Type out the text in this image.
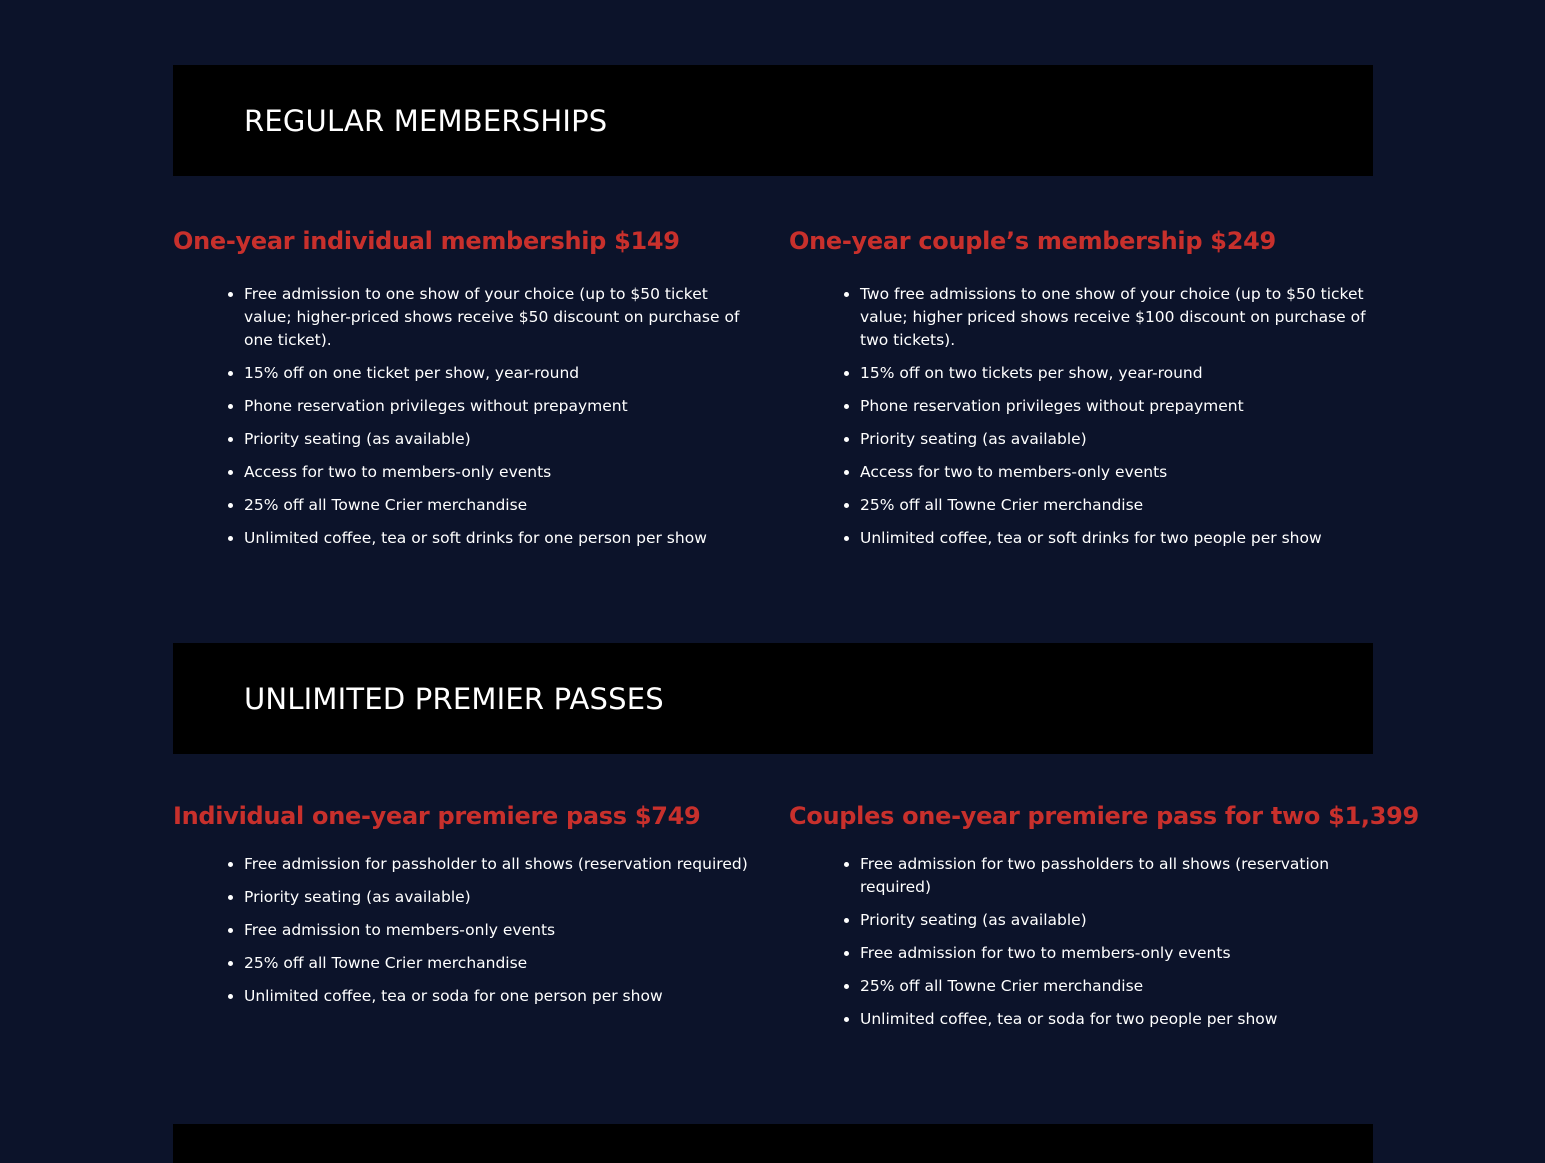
REGULAR MEMBERSHIPS
One-year individual membership $149
• Free admission to one show of your choice (up to $50 ticket value; higher-priced shows receive $50 discount on purchase of one ticket).
• 15% off on one ticket per show, year-round
• Phone reservation privileges without prepayment
• Priority seating (as available)
• Access for two to members-only events
• 25% off all Towne Crier merchandise
• Unlimited coffee, tea or soft drinks for one person per show
One-year couple’s membership $249
• Two free admissions to one show of your choice (up to $50 ticket value; higher priced shows receive $100 discount on purchase of two tickets).
• 15% off on two tickets per show, year-round
• Phone reservation privileges without prepayment
• Priority seating (as available)
• Access for two to members-only events
• 25% off all Towne Crier merchandise
• Unlimited coffee, tea or soft drinks for two people per show
UNLIMITED PREMIER PASSES
Individual one-year premiere pass $749
• Free admission for passholder to all shows (reservation required)
• Priority seating (as available)
• Free admission to members-only events
• 25% off all Towne Crier merchandise
• Unlimited coffee, tea or soda for one person per show
Couples one-year premiere pass for two $1,399
• Free admission for two passholders to all shows (reservation required)
• Priority seating (as available)
• Free admission for two to members-only events
• 25% off all Towne Crier merchandise
• Unlimited coffee, tea or soda for two people per show
